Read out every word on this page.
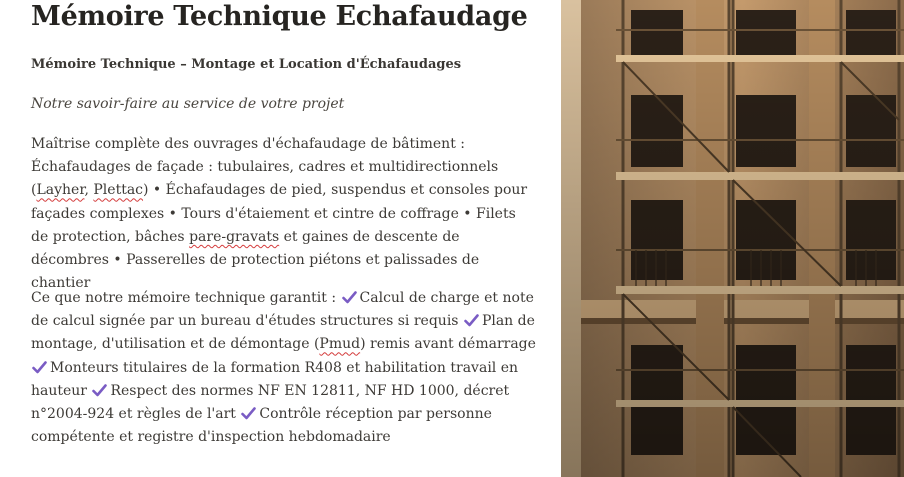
Mémoire Technique Echafaudage
Mémoire Technique – Montage et Location d'Échafaudages
Notre savoir-faire au service de votre projet

Maîtrise complète des ouvrages d'échafaudage de bâtiment : Échafaudages de façade : tubulaires, cadres et multidirectionnels (Layher, Plettac) • Échafaudages de pied, suspendus et consoles pour façades complexes • Tours d'étaiement et cintre de coffrage • Filets de protection, bâches pare-gravats et gaines de descente de décombres • Passerelles de protection piétons et palissades de chantier

Ce que notre mémoire technique garantit : Calcul de charge et note de calcul signée par un bureau d'études structures si requis Plan de montage, d'utilisation et de démontage (Pmud) remis avant démarrage Monteurs titulaires de la formation R408 et habilitation travail en hauteur Respect des normes NF EN 12811, NF HD 1000, décret n°2004-924 et règles de l'art Contrôle réception par personne compétente et registre d'inspection hebdomadaire
